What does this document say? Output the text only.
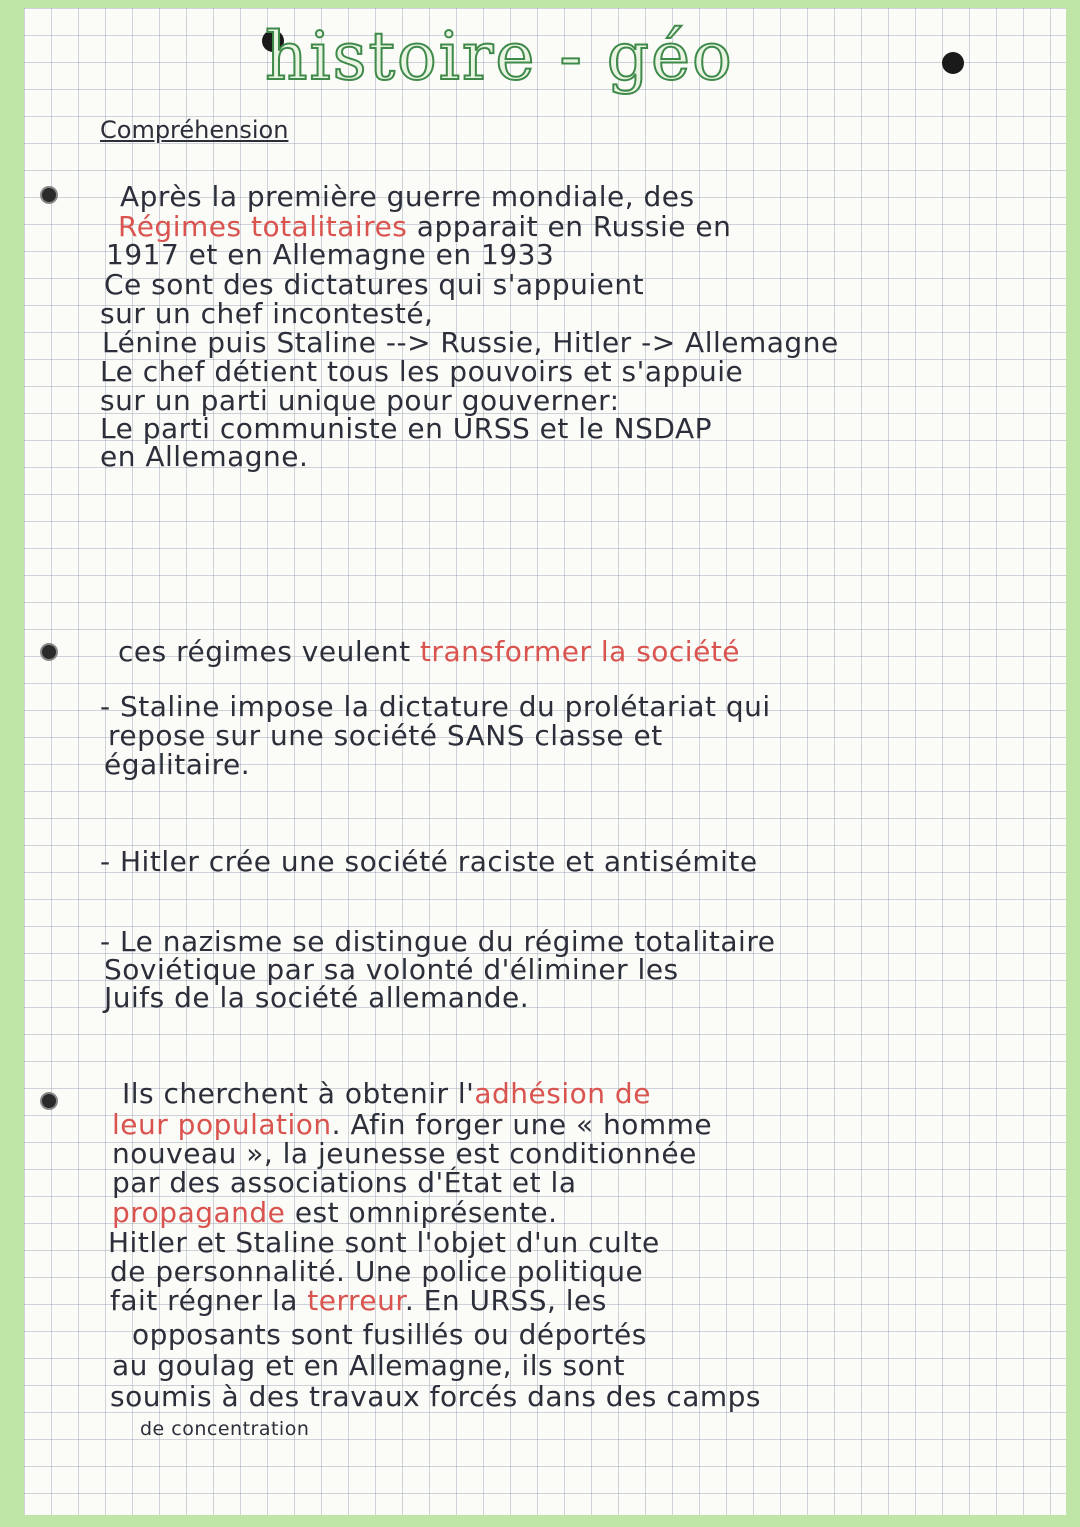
histoire - géo
Compréhension
Après la première guerre mondiale, des
Régimes totalitaires apparait en Russie en
1917 et en Allemagne en 1933
Ce sont des dictatures qui s'appuient
sur un chef incontesté,
Lénine puis Staline --> Russie, Hitler -> Allemagne
Le chef détient tous les pouvoirs et s'appuie
sur un parti unique pour gouverner:
Le parti communiste en URSS et le NSDAP
en Allemagne.
ces régimes veulent transformer la société
- Staline impose la dictature du prolétariat qui
repose sur une société SANS classe et
égalitaire.
- Hitler crée une société raciste et antisémite
- Le nazisme se distingue du régime totalitaire
Soviétique par sa volonté d'éliminer les
Juifs de la société allemande.
Ils cherchent à obtenir l'adhésion de
leur population. Afin forger une « homme
nouveau », la jeunesse est conditionnée
par des associations d'État et la
propagande est omniprésente.
Hitler et Staline sont l'objet d'un culte
de personnalité. Une police politique
fait régner la terreur. En URSS, les
opposants sont fusillés ou déportés
au goulag et en Allemagne, ils sont
soumis à des travaux forcés dans des camps
de concentration
